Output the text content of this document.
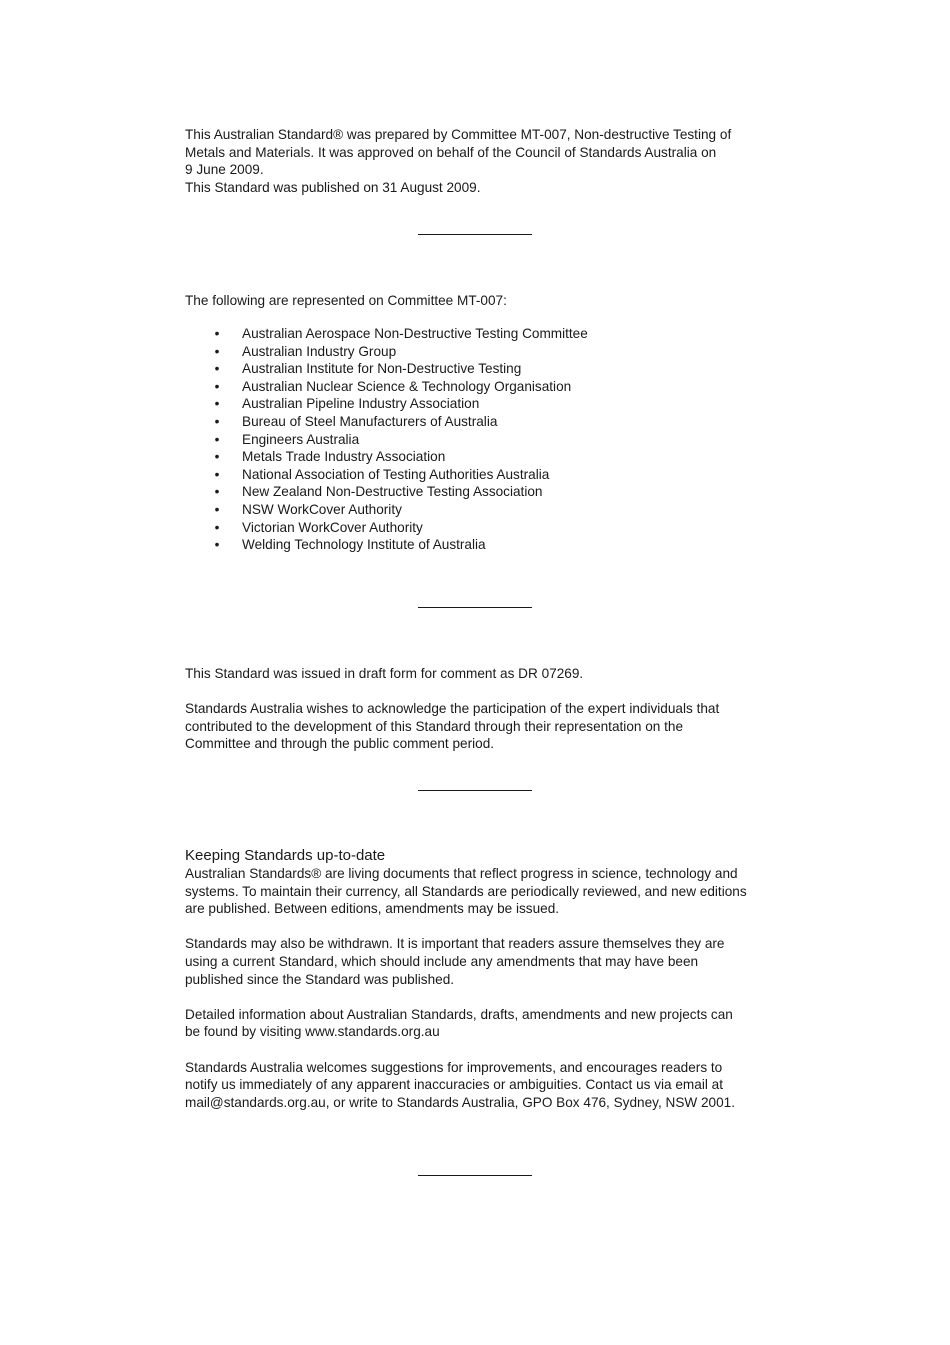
This Australian Standard® was prepared by Committee MT-007, Non-destructive Testing of
Metals and Materials. It was approved on behalf of the Council of Standards Australia on
9 June 2009.
This Standard was published on 31 August 2009.
The following are represented on Committee MT-007:
• Australian Aerospace Non-Destructive Testing Committee
• Australian Industry Group
• Australian Institute for Non-Destructive Testing
• Australian Nuclear Science & Technology Organisation
• Australian Pipeline Industry Association
• Bureau of Steel Manufacturers of Australia
• Engineers Australia
• Metals Trade Industry Association
• National Association of Testing Authorities Australia
• New Zealand Non-Destructive Testing Association
• NSW WorkCover Authority
• Victorian WorkCover Authority
• Welding Technology Institute of Australia

This Standard was issued in draft form for comment as DR 07269.

Standards Australia wishes to acknowledge the participation of the expert individuals that
contributed to the development of this Standard through their representation on the
Committee and through the public comment period.

Keeping Standards up-to-date

Australian Standards® are living documents that reflect progress in science, technology and
systems. To maintain their currency, all Standards are periodically reviewed, and new editions
are published. Between editions, amendments may be issued.

Standards may also be withdrawn. It is important that readers assure themselves they are
using a current Standard, which should include any amendments that may have been
published since the Standard was published.

Detailed information about Australian Standards, drafts, amendments and new projects can
be found by visiting www.standards.org.au

Standards Australia welcomes suggestions for improvements, and encourages readers to
notify us immediately of any apparent inaccuracies or ambiguities. Contact us via email at
mail@standards.org.au, or write to Standards Australia, GPO Box 476, Sydney, NSW 2001.
